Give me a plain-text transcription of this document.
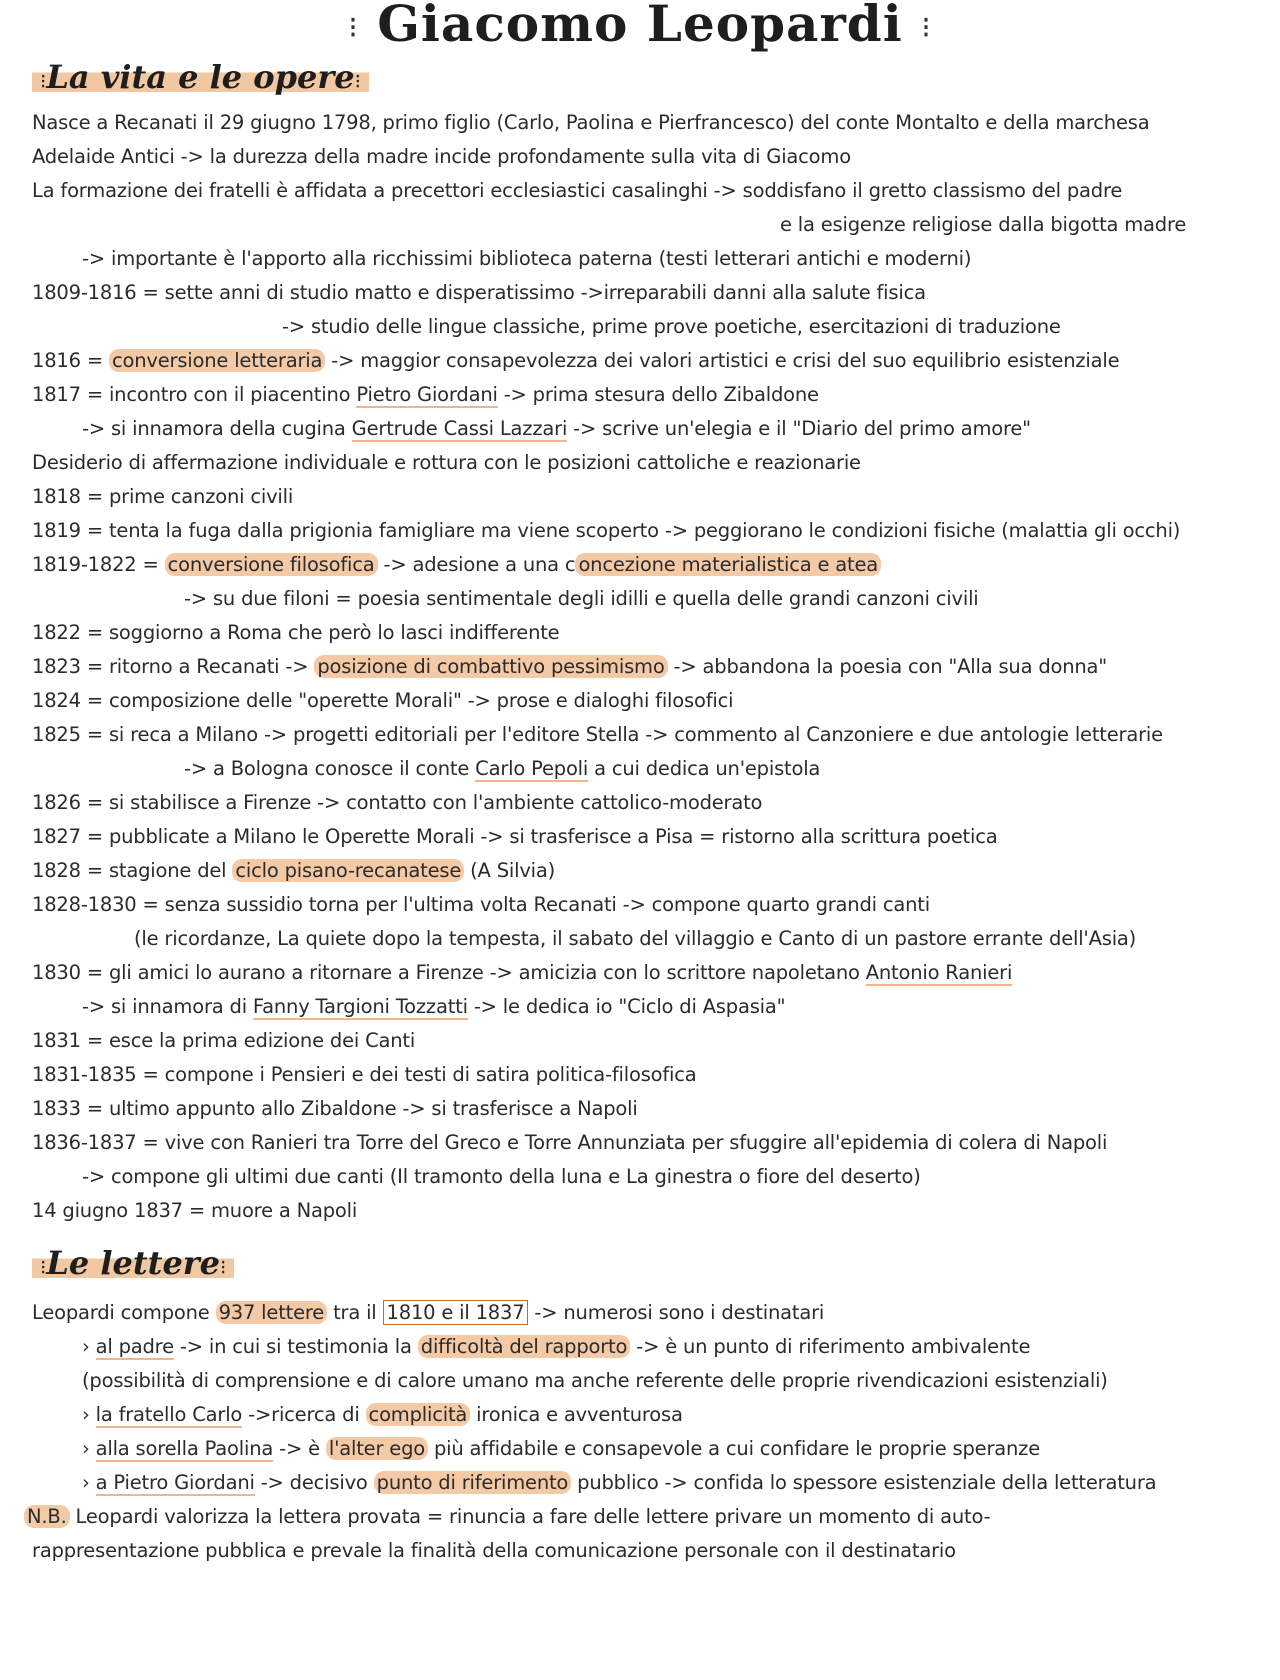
⁝ Giacomo Leopardi ⁝
⁝La vita e le opere⁝
Nasce a Recanati il 29 giugno 1798, primo figlio (Carlo, Paolina e Pierfrancesco) del conte Montalto e della marchesa
Adelaide Antici -> la durezza della madre incide profondamente sulla vita di Giacomo
La formazione dei fratelli è affidata a precettori ecclesiastici casalinghi -> soddisfano il gretto classismo del padre
e la esigenze religiose dalla bigotta madre
-> importante è l'apporto alla ricchissimi biblioteca paterna (testi letterari antichi e moderni)
1809-1816 = sette anni di studio matto e disperatissimo ->irreparabili danni alla salute fisica
-> studio delle lingue classiche, prime prove poetiche, esercitazioni di traduzione
1816 = conversione letteraria -> maggior consapevolezza dei valori artistici e crisi del suo equilibrio esistenziale
1817 = incontro con il piacentino Pietro Giordani -> prima stesura dello Zibaldone
-> si innamora della cugina Gertrude Cassi Lazzari -> scrive un'elegia e il "Diario del primo amore"
Desiderio di affermazione individuale e rottura con le posizioni cattoliche e reazionarie
1818 = prime canzoni civili
1819 = tenta la fuga dalla prigionia famigliare ma viene scoperto -> peggiorano le condizioni fisiche (malattia gli occhi)
1819-1822 = conversione filosofica -> adesione a una c oncezione materialistica e atea
-> su due filoni = poesia sentimentale degli idilli e quella delle grandi canzoni civili
1822 = soggiorno a Roma che però lo lasci indifferente
1823 = ritorno a Recanati -> posizione di combattivo pessimismo -> abbandona la poesia con "Alla sua donna"
1824 = composizione delle "operette Morali" -> prose e dialoghi filosofici
1825 = si reca a Milano -> progetti editoriali per l'editore Stella -> commento al Canzoniere e due antologie letterarie
-> a Bologna conosce il conte Carlo Pepoli a cui dedica un'epistola
1826 = si stabilisce a Firenze -> contatto con l'ambiente cattolico-moderato
1827 = pubblicate a Milano le Operette Morali -> si trasferisce a Pisa = ristorno alla scrittura poetica
1828 = stagione del ciclo pisano-recanatese (A Silvia)
1828-1830 = senza sussidio torna per l'ultima volta Recanati -> compone quarto grandi canti
(le ricordanze, La quiete dopo la tempesta, il sabato del villaggio e Canto di un pastore errante dell'Asia)
1830 = gli amici lo aurano a ritornare a Firenze -> amicizia con lo scrittore napoletano Antonio Ranieri
-> si innamora di Fanny Targioni Tozzatti -> le dedica io "Ciclo di Aspasia"
1831 = esce la prima edizione dei Canti
1831-1835 = compone i Pensieri e dei testi di satira politica-filosofica
1833 = ultimo appunto allo Zibaldone -> si trasferisce a Napoli
1836-1837 = vive con Ranieri tra Torre del Greco e Torre Annunziata per sfuggire all'epidemia di colera di Napoli
-> compone gli ultimi due canti (Il tramonto della luna e La ginestra o fiore del deserto)
14 giugno 1837 = muore a Napoli
⁝Le lettere⁝
Leopardi compone 937 lettere tra il 1810 e il 1837 -> numerosi sono i destinatari
› al padre -> in cui si testimonia la difficoltà del rapporto -> è un punto di riferimento ambivalente
(possibilità di comprensione e di calore umano ma anche referente delle proprie rivendicazioni esistenziali)
› la fratello Carlo ->ricerca di complicità ironica e avventurosa
› alla sorella Paolina -> è l'alter ego più affidabile e consapevole a cui confidare le proprie speranze
› a Pietro Giordani -> decisivo punto di riferimento pubblico -> confida lo spessore esistenziale della letteratura
N.B. Leopardi valorizza la lettera provata = rinuncia a fare delle lettere privare un momento di auto-
rappresentazione pubblica e prevale la finalità della comunicazione personale con il destinatario
